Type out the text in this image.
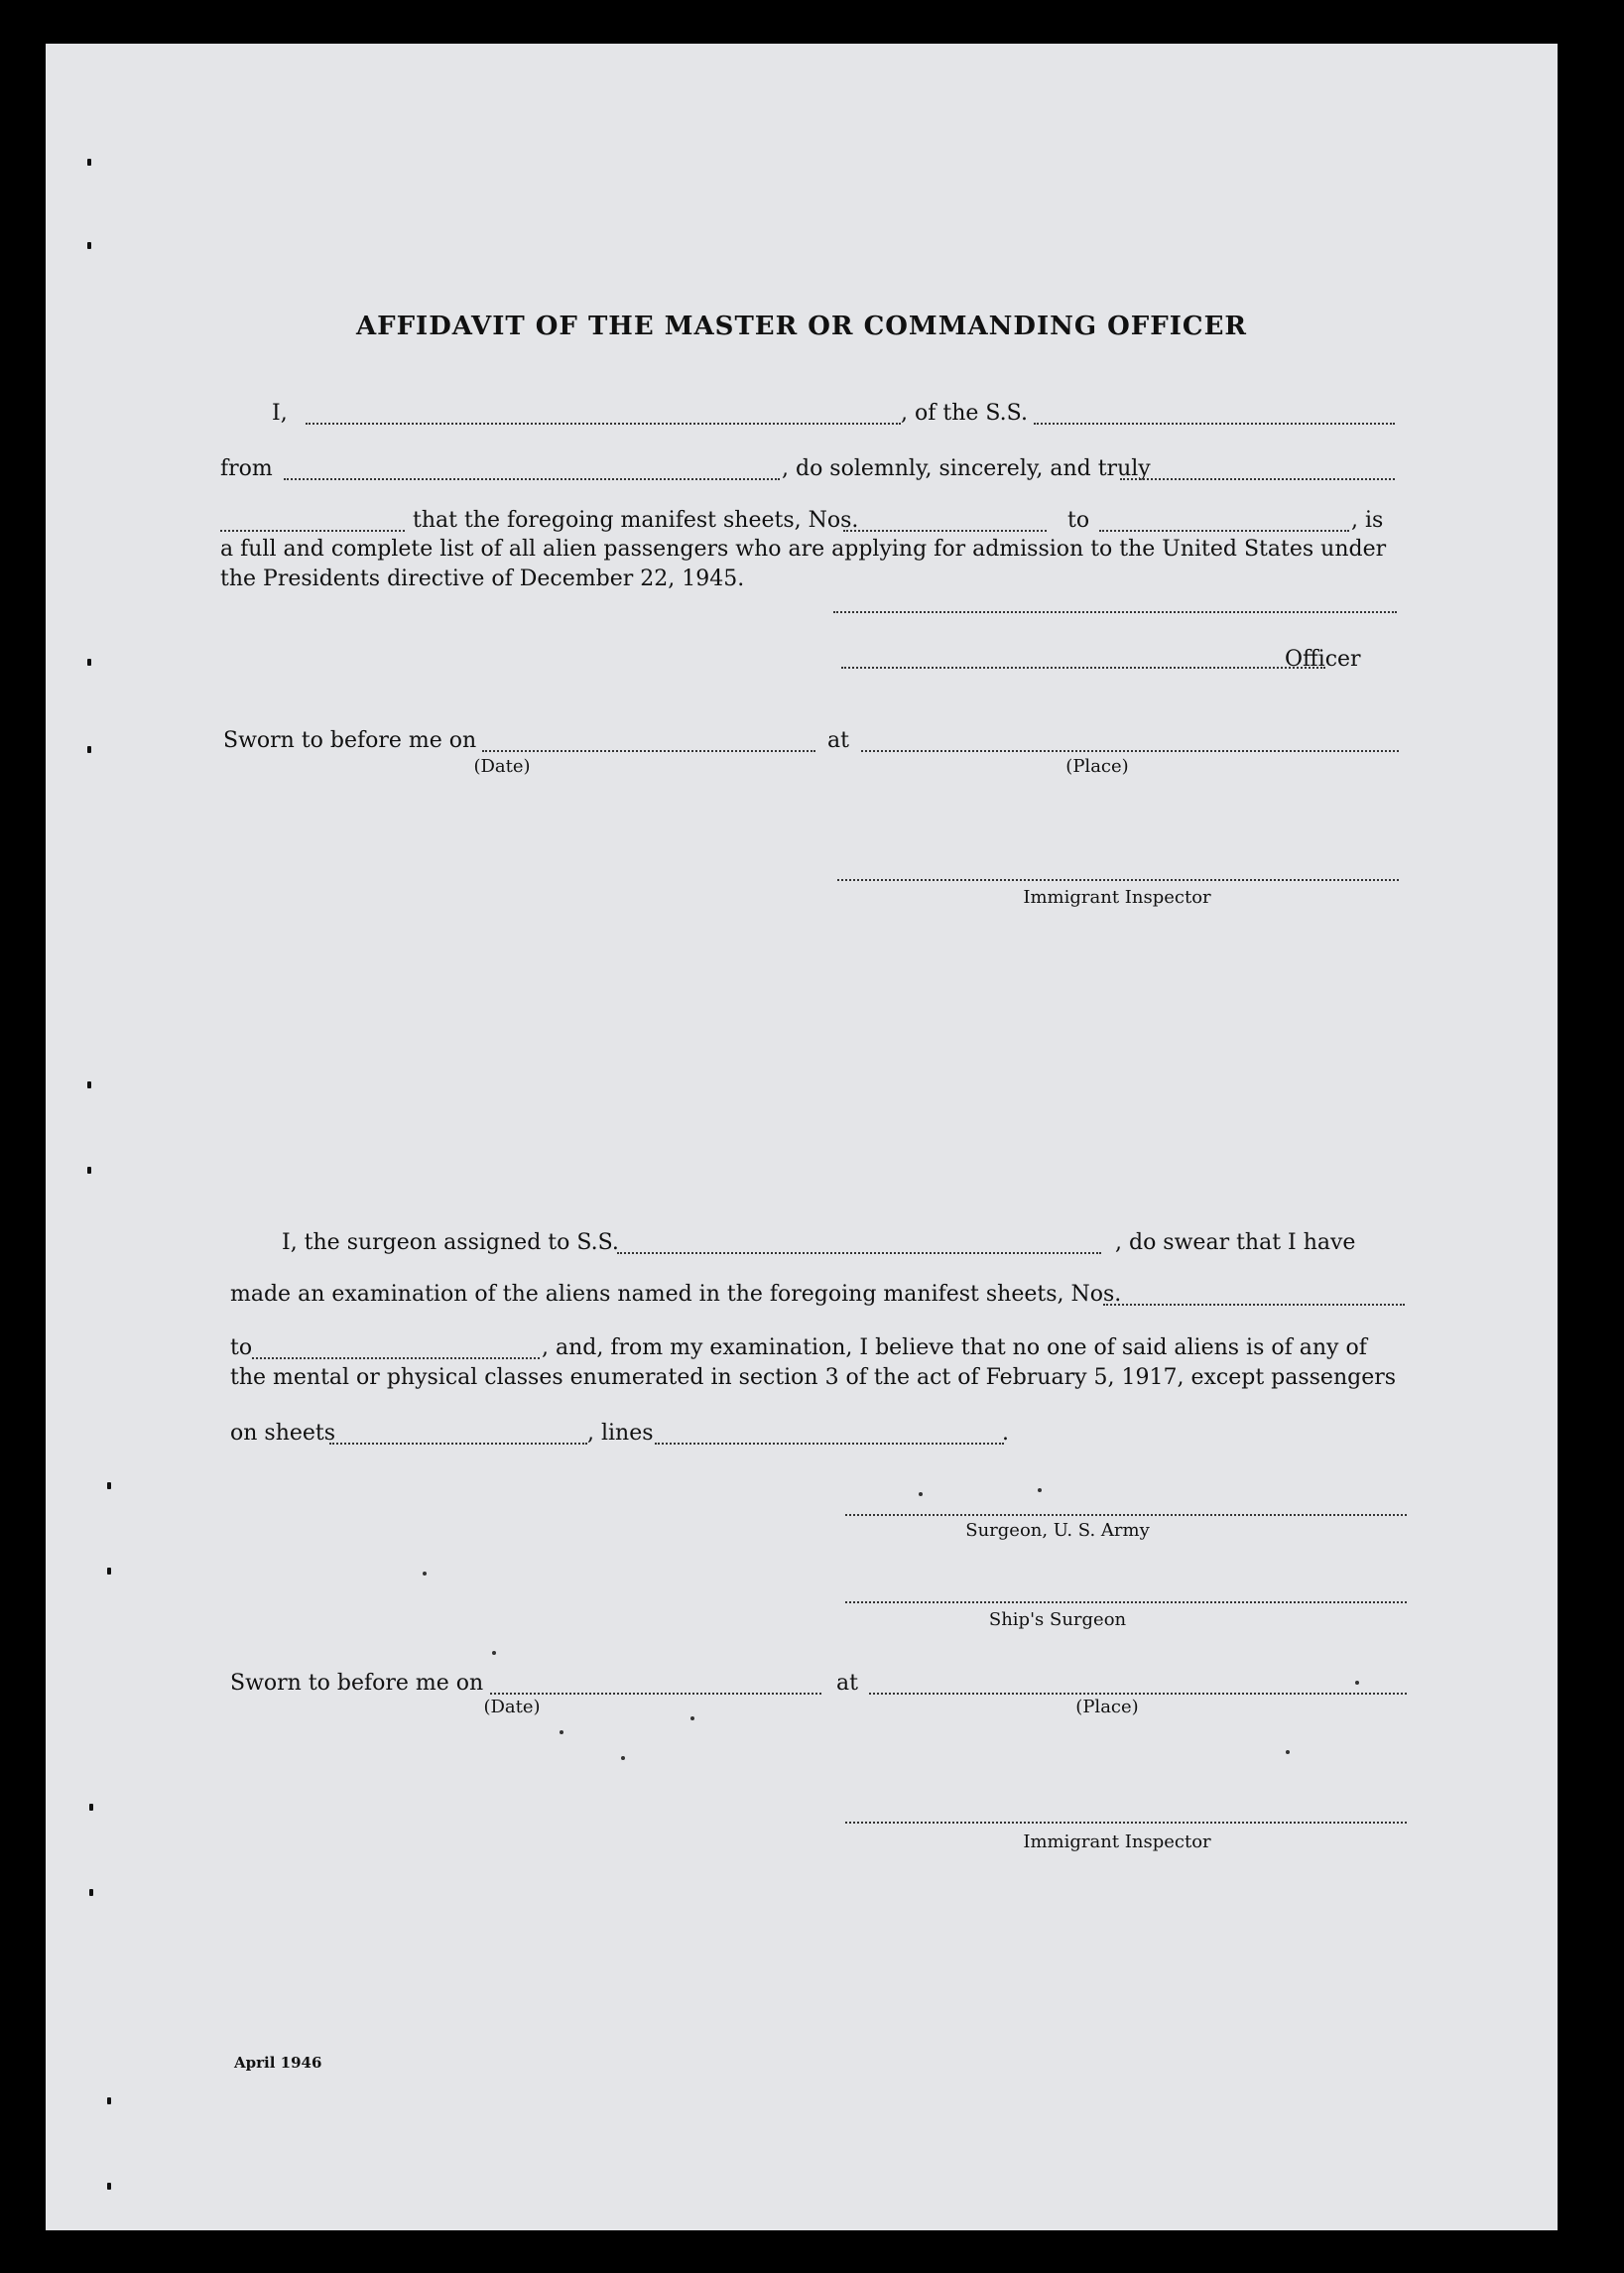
AFFIDAVIT OF THE MASTER OR COMMANDING OFFICER
I,	, of the S.S.
from	, do solemnly, sincerely, and truly
that the foregoing manifest sheets, Nos.	to	, is
a full and complete list of all alien passengers who are applying for admission to the United States under
the Presidents directive of December 22, 1945.
Officer
Sworn to before me on	at
(Date)	(Place)
Immigrant Inspector
I, the surgeon assigned to S.S.	, do swear that I have
made an examination of the aliens named in the foregoing manifest sheets, Nos.
to	, and, from my examination, I believe that no one of said aliens is of any of
the mental or physical classes enumerated in section 3 of the act of February 5, 1917, except passengers
on sheets	, lines	.
Surgeon, U. S. Army
Ship's Surgeon
Sworn to before me on	at
(Date)	(Place)
Immigrant Inspector
April 1946
